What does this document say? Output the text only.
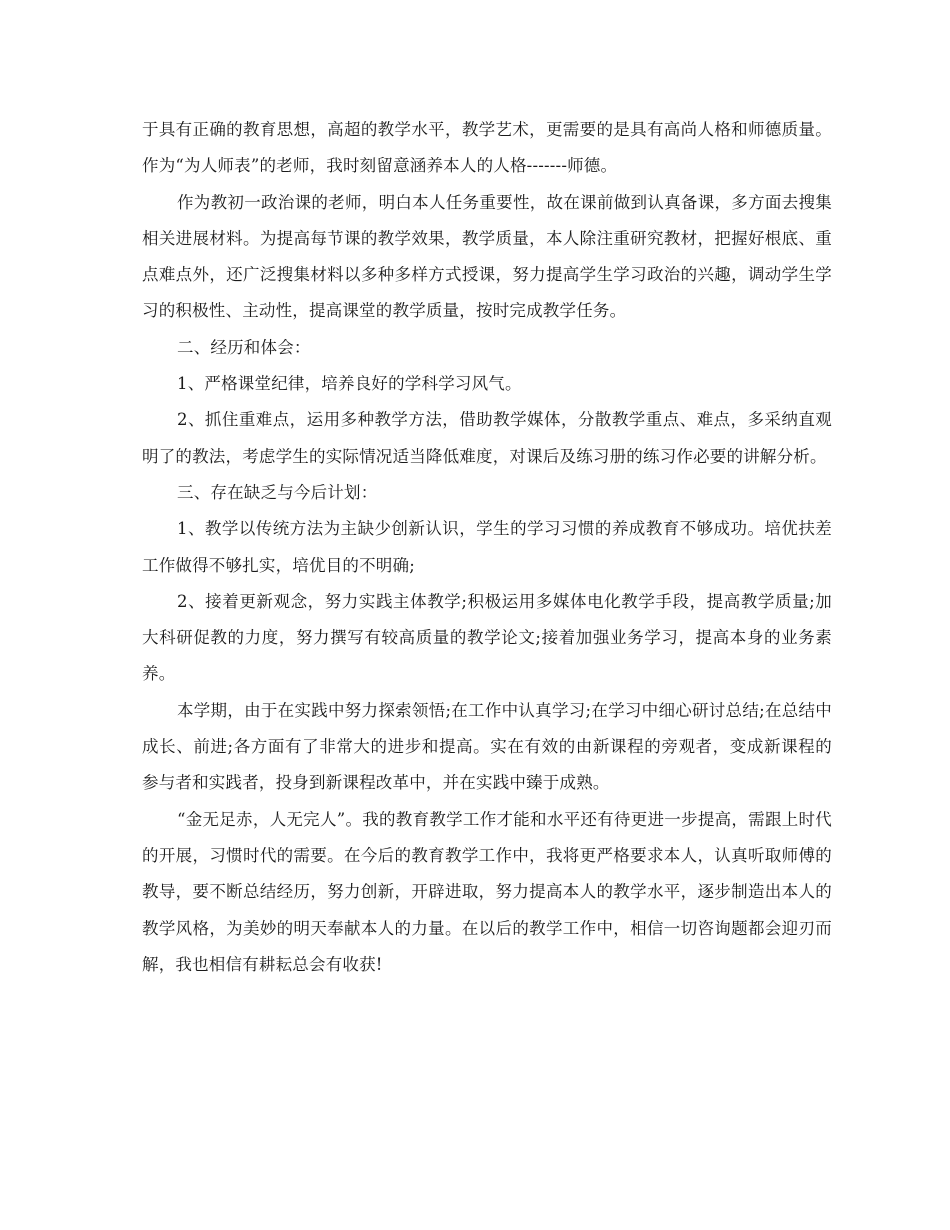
于具有正确的教育思想，高超的教学水平，教学艺术，更需要的是具有高尚人格和师德质量。作为“为人师表”的老师，我时刻留意涵养本人的人格-------师德。

作为教初一政治课的老师，明白本人任务重要性，故在课前做到认真备课，多方面去搜集相关进展材料。为提高每节课的教学效果，教学质量，本人除注重研究教材，把握好根底、重点难点外，还广泛搜集材料以多种多样方式授课，努力提高学生学习政治的兴趣，调动学生学习的积极性、主动性，提高课堂的教学质量，按时完成教学任务。

二、经历和体会：

1、严格课堂纪律，培养良好的学科学习风气。

2、抓住重难点，运用多种教学方法，借助教学媒体，分散教学重点、难点，多采纳直观明了的教法，考虑学生的实际情况适当降低难度，对课后及练习册的练习作必要的讲解分析。

三、存在缺乏与今后计划：

1、教学以传统方法为主缺少创新认识，学生的学习习惯的养成教育不够成功。培优扶差工作做得不够扎实，培优目的不明确;

2、接着更新观念，努力实践主体教学;积极运用多媒体电化教学手段，提高教学质量;加大科研促教的力度，努力撰写有较高质量的教学论文;接着加强业务学习，提高本身的业务素养。

本学期，由于在实践中努力探索领悟;在工作中认真学习;在学习中细心研讨总结;在总结中成长、前进;各方面有了非常大的进步和提高。实在有效的由新课程的旁观者，变成新课程的参与者和实践者，投身到新课程改革中，并在实践中臻于成熟。

“金无足赤，人无完人”。我的教育教学工作才能和水平还有待更进一步提高，需跟上时代的开展，习惯时代的需要。在今后的教育教学工作中，我将更严格要求本人，认真听取师傅的教导，要不断总结经历，努力创新，开辟进取，努力提高本人的教学水平，逐步制造出本人的教学风格，为美妙的明天奉献本人的力量。在以后的教学工作中，相信一切咨询题都会迎刃而解，我也相信有耕耘总会有收获!
